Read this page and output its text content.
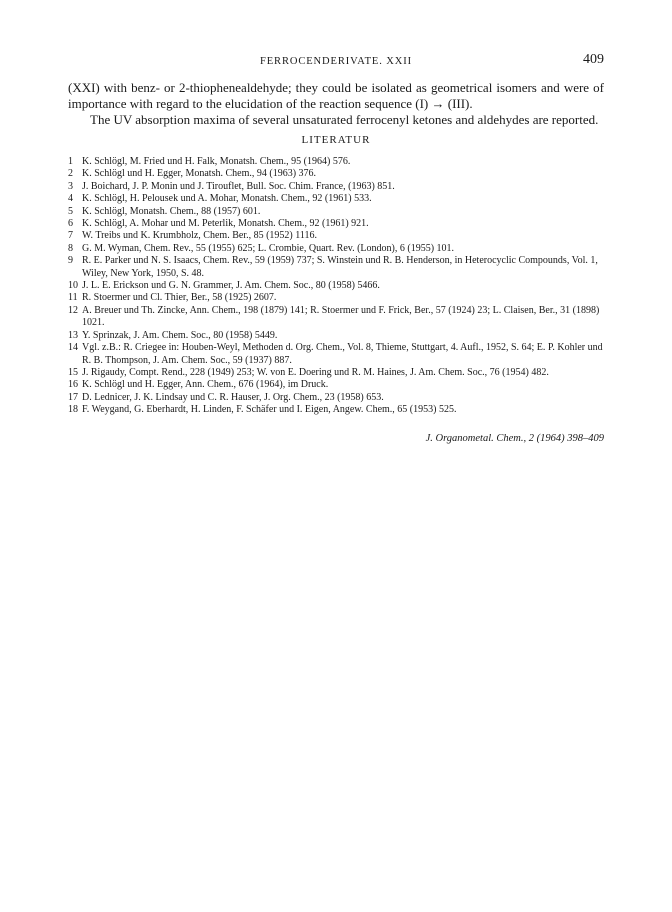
FERROCENDERIVATE. XXII	409

(XXI) with benz- or 2-thiophenealdehyde; they could be isolated as geometrical isomers and were of importance with regard to the elucidation of the reaction sequence (I) → (III).

The UV absorption maxima of several unsaturated ferrocenyl ketones and aldehydes are reported.

LITERATUR
1 K. Schlögl, M. Fried und H. Falk, Monatsh. Chem., 95 (1964) 576.
2 K. Schlögl und H. Egger, Monatsh. Chem., 94 (1963) 376.
3 J. Boichard, J. P. Monin und J. Tirouflet, Bull. Soc. Chim. France, (1963) 851.
4 K. Schlögl, H. Pelousek und A. Mohar, Monatsh. Chem., 92 (1961) 533.
5 K. Schlögl, Monatsh. Chem., 88 (1957) 601.
6 K. Schlögl, A. Mohar und M. Peterlik, Monatsh. Chem., 92 (1961) 921.
7 W. Treibs und K. Krumbholz, Chem. Ber., 85 (1952) 1116.
8 G. M. Wyman, Chem. Rev., 55 (1955) 625; L. Crombie, Quart. Rev. (London), 6 (1955) 101.
9 R. E. Parker und N. S. Isaacs, Chem. Rev., 59 (1959) 737; S. Winstein und R. B. Henderson, in Heterocyclic Compounds, Vol. 1, Wiley, New York, 1950, S. 48.
10 J. L. E. Erickson und G. N. Grammer, J. Am. Chem. Soc., 80 (1958) 5466.
11 R. Stoermer und Cl. Thier, Ber., 58 (1925) 2607.
12 A. Breuer und Th. Zincke, Ann. Chem., 198 (1879) 141; R. Stoermer und F. Frick, Ber., 57 (1924) 23; L. Claisen, Ber., 31 (1898) 1021.
13 Y. Sprinzak, J. Am. Chem. Soc., 80 (1958) 5449.
14 Vgl. z.B.: R. Criegee in: Houben-Weyl, Methoden d. Org. Chem., Vol. 8, Thieme, Stuttgart, 4. Aufl., 1952, S. 64; E. P. Kohler und R. B. Thompson, J. Am. Chem. Soc., 59 (1937) 887.
15 J. Rigaudy, Compt. Rend., 228 (1949) 253; W. von E. Doering und R. M. Haines, J. Am. Chem. Soc., 76 (1954) 482.
16 K. Schlögl und H. Egger, Ann. Chem., 676 (1964), im Druck.
17 D. Lednicer, J. K. Lindsay und C. R. Hauser, J. Org. Chem., 23 (1958) 653.
18 F. Weygand, G. Eberhardt, H. Linden, F. Schäfer und I. Eigen, Angew. Chem., 65 (1953) 525.
J. Organometal. Chem., 2 (1964) 398–409
